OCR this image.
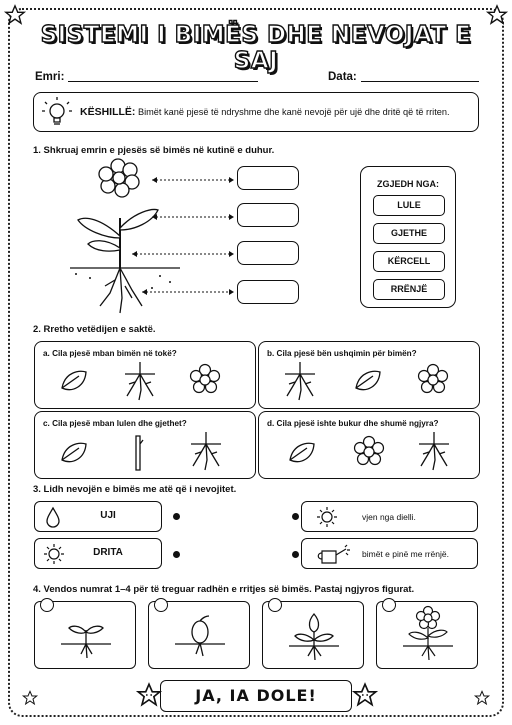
SISTEMI I BIMËS DHE NEVOJAT E SAJ
Emri:	Data:
KËSHILLË: Bimët kanë pjesë të ndryshme dhe kanë nevojë për ujë dhe dritë që të rriten.
1. Shkruaj emrin e pjesës së bimës në kutinë e duhur.
ZGJEDH NGA:
LULE
GJETHE
KËRCELL
RRËNJË
2. Rretho vetëdijen e saktë.
a. Cila pjesë mban bimën në tokë?	b. Cila pjesë bën ushqimin për bimën?
c. Cila pjesë mban lulen dhe gjethet?	d. Cila pjesë ishte bukur dhe shumë ngjyra?
3. Lidh nevojën e bimës me atë që i nevojitet.
UJI
DRITA
vjen nga dielli.
bimët e pinë me rrënjë.
4. Vendos numrat 1–4 për të treguar radhën e rritjes së bimës. Pastaj ngjyros figurat.
JA, IA DOLE!
